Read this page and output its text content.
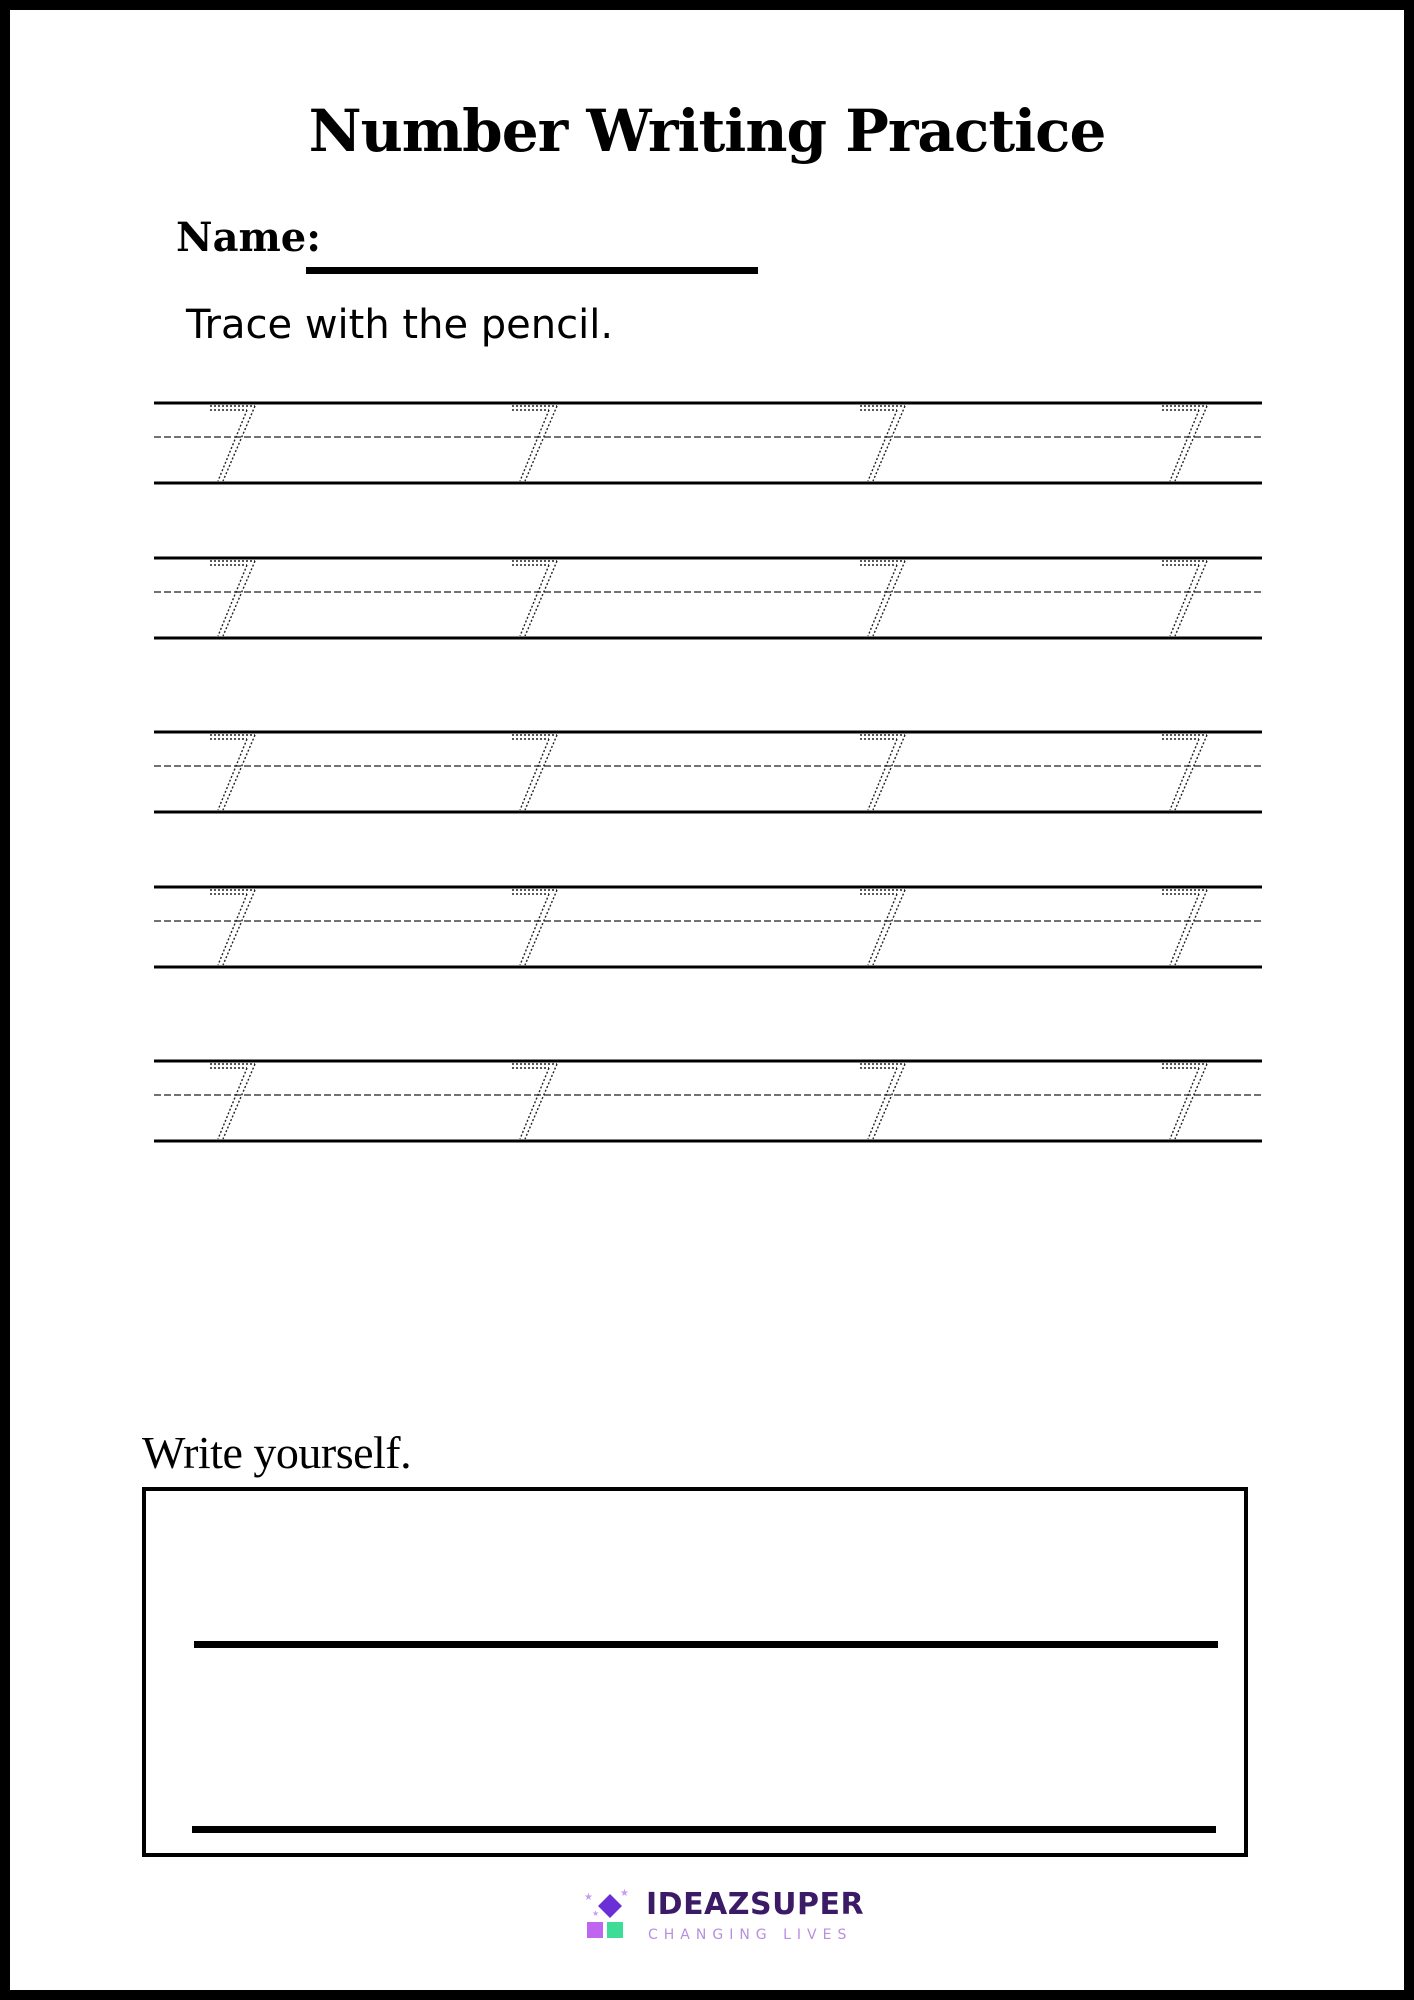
Number Writing Practice
Name:
Trace with the pencil.
Write yourself.
★	★
★ IDEAZSUPER
CHANGING LIVES
